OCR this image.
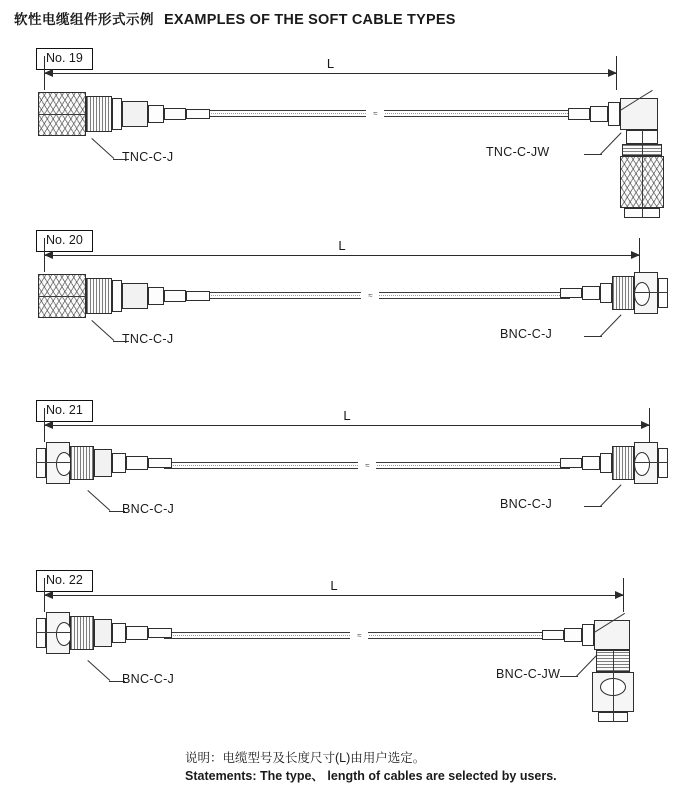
软性电缆组件形式示例 EXAMPLES OF THE SOFT CABLE TYPES
No. 19	L
≈
TNC-C-J	TNC-C-JW
No. 20	L
≈
TNC-C-J	BNC-C-J
No. 21	L
≈
BNC-C-J	BNC-C-J
No. 22	L
≈
BNC-C-J	BNC-C-JW
说明：电缆型号及长度尺寸(L)由用户选定。
Statements: The type、 length of cables are selected by users.
